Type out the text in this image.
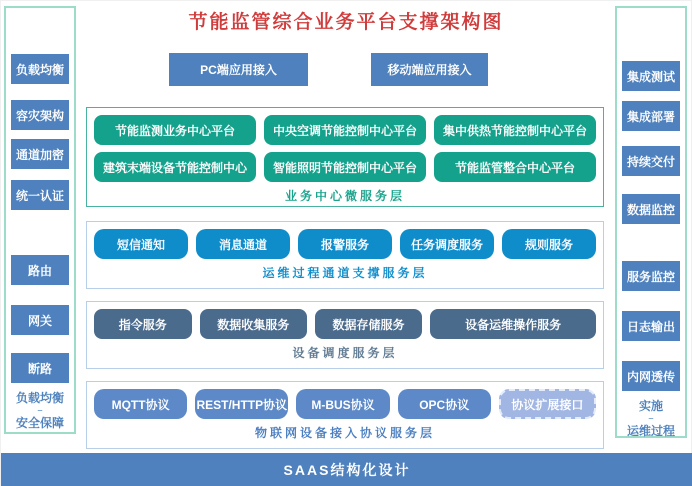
节能监管综合业务平台支撑架构图
负载均衡
容灾架构
通道加密
统一认证
路由
网关
断路
负载均衡
–
安全保障
集成测试
集成部署
持续交付
数据监控
服务监控
日志输出
内网透传
实施
–
运维过程
PC端应用接入	移动端应用接入
节能监测业务中心平台	中央空调节能控制中心平台	集中供热节能控制中心平台
建筑末端设备节能控制中心	智能照明节能控制中心平台	节能监管整合中心平台
业务中心微服务层
短信通知	消息通道	报警服务	任务调度服务	规则服务
运维过程通道支撑服务层
指令服务	数据收集服务	数据存储服务	设备运维操作服务
设备调度服务层
MQTT协议	REST/HTTP协议	M-BUS协议	OPC协议	协议扩展接口
物联网设备接入协议服务层
SAAS结构化设计
